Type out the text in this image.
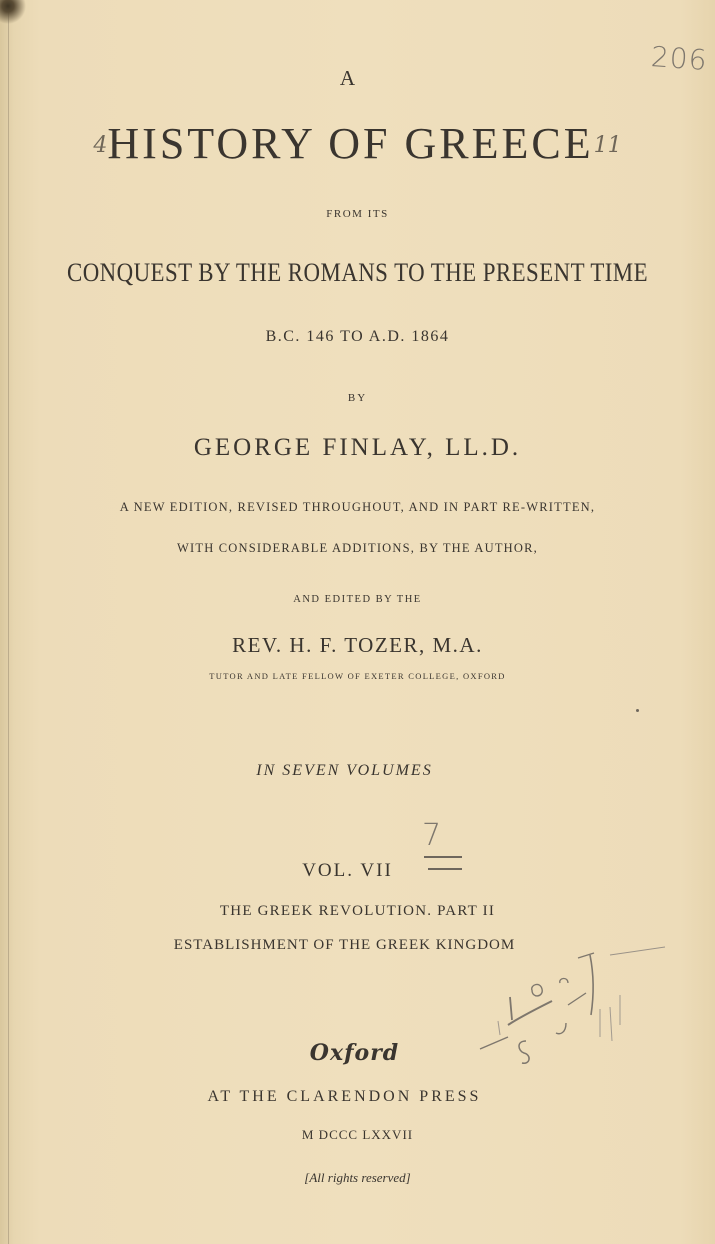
206
A
4HISTORY OF GREECE11
FROM ITS
CONQUEST BY THE ROMANS TO THE PRESENT TIME
B.C. 146 TO A.D. 1864
BY
GEORGE FINLAY, LL.D.
A NEW EDITION, REVISED THROUGHOUT, AND IN PART RE-WRITTEN,
WITH CONSIDERABLE ADDITIONS, BY THE AUTHOR,
AND EDITED BY THE
REV. H. F. TOZER, M.A.
TUTOR AND LATE FELLOW OF EXETER COLLEGE, OXFORD
IN SEVEN VOLUMES
7
VOL. VII
THE GREEK REVOLUTION. PART II
ESTABLISHMENT OF THE GREEK KINGDOM
Oxford
AT THE CLARENDON PRESS
M DCCC LXXVII
[All rights reserved]
